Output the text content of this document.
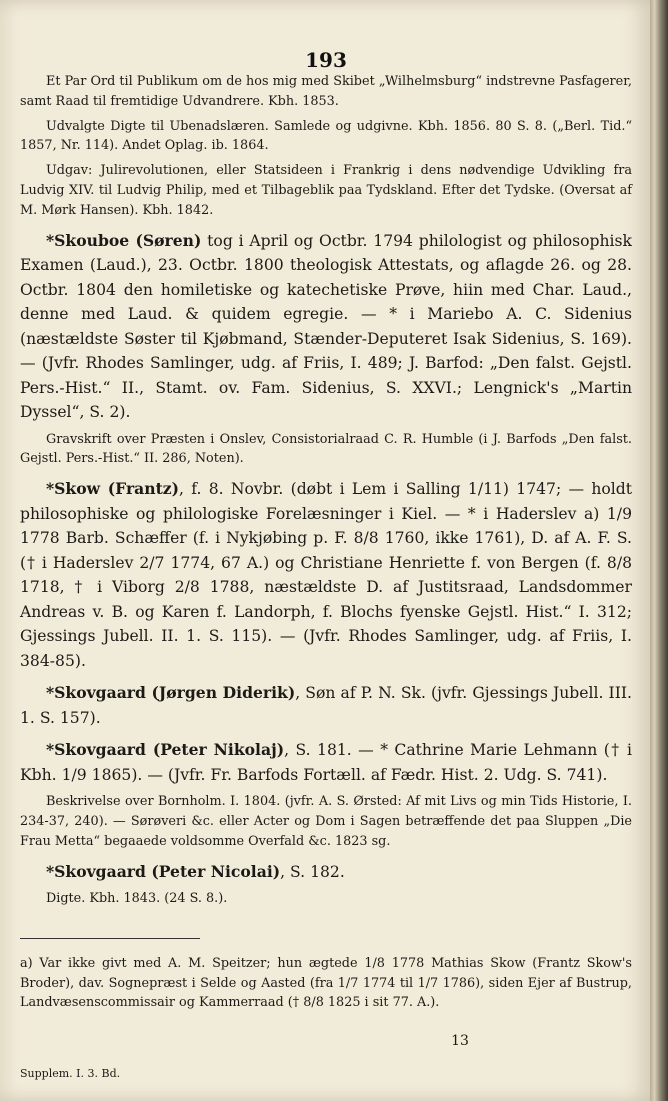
193

Et Par Ord til Publikum om de hos mig med Skibet „Wilhelmsburg“ indstrevne Pasfagerer, samt Raad til fremtidige Udvandrere. Kbh. 1853.

Udvalgte Digte til Ubenadslæren. Samlede og udgivne. Kbh. 1856. 80 S. 8. („Berl. Tid.“ 1857, Nr. 114). Andet Oplag. ib. 1864.

Udgav: Julirevolutionen, eller Statsideen i Frankrig i dens nødvendige Udvikling fra Ludvig XIV. til Ludvig Philip, med et Tilbageblik paa Tydskland. Efter det Tydske. (Oversat af M. Mørk Hansen). Kbh. 1842.

*Skouboe (Søren) tog i April og Octbr. 1794 philologist og philosophisk Examen (Laud.), 23. Octbr. 1800 theologisk Attestats, og aflagde 26. og 28. Octbr. 1804 den homiletiske og katechetiske Prøve, hiin med Char. Laud., denne med Laud. & quidem egregie. — * i Mariebo A. C. Sidenius (næstældste Søster til Kjøbmand, Stænder-Deputeret Isak Sidenius, S. 169). — (Jvfr. Rhodes Samlinger, udg. af Friis, I. 489; J. Barfod: „Den falst. Gejstl. Pers.-Hist.“ II., Stamt. ov. Fam. Sidenius, S. XXVI.; Lengnick's „Martin Dyssel“, S. 2).

Gravskrift over Præsten i Onslev, Consistorialraad C. R. Humble (i J. Barfods „Den falst. Gejstl. Pers.-Hist.“ II. 286, Noten).

*Skow (Frantz), f. 8. Novbr. (døbt i Lem i Salling 1/11) 1747; — holdt philosophiske og philologiske Forelæsninger i Kiel. — * i Haderslev a) 1/9 1778 Barb. Schæffer (f. i Nykjøbing p. F. 8/8 1760, ikke 1761), D. af A. F. S. († i Haderslev 2/7 1774, 67 A.) og Christiane Henriette f. von Bergen (f. 8/8 1718, † i Viborg 2/8 1788, næstældste D. af Justitsraad, Landsdommer Andreas v. B. og Karen f. Landorph, f. Blochs fyenske Gejstl. Hist.“ I. 312; Gjessings Jubell. II. 1. S. 115). — (Jvfr. Rhodes Samlinger, udg. af Friis, I. 384-85).

*Skovgaard (Jørgen Diderik), Søn af P. N. Sk. (jvfr. Gjessings Jubell. III. 1. S. 157).

*Skovgaard (Peter Nikolaj), S. 181. — * Cathrine Marie Lehmann († i Kbh. 1/9 1865). — (Jvfr. Fr. Barfods Fortæll. af Fædr. Hist. 2. Udg. S. 741).

Beskrivelse over Bornholm. I. 1804. (jvfr. A. S. Ørsted: Af mit Livs og min Tids Historie, I. 234-37, 240). — Sørøveri &c. eller Acter og Dom i Sagen betræffende det paa Sluppen „Die Frau Metta“ begaaede voldsomme Overfald &c. 1823 sg.

*Skovgaard (Peter Nicolai), S. 182.

Digte. Kbh. 1843. (24 S. 8.).

a) Var ikke givt med A. M. Speitzer; hun ægtede 1/8 1778 Mathias Skow (Frantz Skow's Broder), dav. Sognepræst i Selde og Aasted (fra 1/7 1774 til 1/7 1786), siden Ejer af Bustrup, Landvæsenscommissair og Kammerraad († 8/8 1825 i sit 77. A.).

13
Supplem. I. 3. Bd.
